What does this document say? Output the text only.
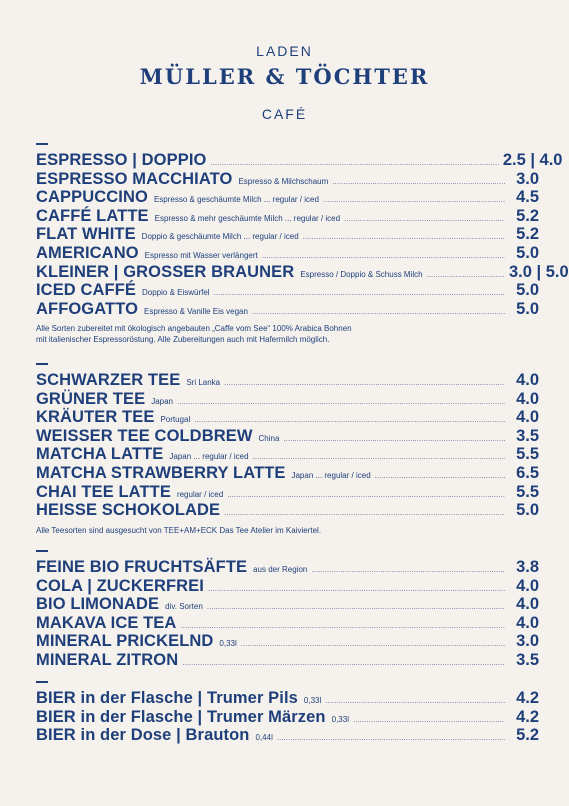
LADEN
MÜLLER & TÖCHTER
CAFÉ
ESPRESSO | DOPPIO .....	2.5 | 4.0
ESPRESSO MACCHIATO Espresso & Milchschaum .....	3.0
CAPPUCCINO Espresso & geschäumte Milch ... regular / iced .....	4.5
CAFFÉ LATTE Espresso & mehr geschäumte Milch ... regular / iced .....	5.2
FLAT WHITE Doppio & geschäumte Milch ... regular / iced .....	5.2
AMERICANO Espresso mit Wasser verlängert .....	5.0
KLEINER | GROSSER BRAUNER Espresso / Doppio & Schuss Milch .....	3.0 | 5.0
ICED CAFFÉ Doppio & Eiswürfel .....	5.0
AFFOGATTO Espresso & Vanille Eis vegan .....	5.0
Alle Sorten zubereitet mit ökologisch angebauten „Caffe vom See“ 100% Arabica Bohnen
mit italienischer Espressoröstung. Alle Zubereitungen auch mit Hafermilch möglich.
SCHWARZER TEE Sri Lanka .....	4.0
GRÜNER TEE Japan .....	4.0
KRÄUTER TEE Portugal .....	4.0
WEISSER TEE COLDBREW China .....	3.5
MATCHA LATTE Japan ... regular / iced .....	5.5
MATCHA STRAWBERRY LATTE Japan ... regular / iced .....	6.5
CHAI TEE LATTE regular / iced .....	5.5
HEISSE SCHOKOLADE .....	5.0
Alle Teesorten sind ausgesucht von TEE+AM+ECK Das Tee Atelier im Kaiviertel.
FEINE BIO FRUCHTSÄFTE aus der Region .....	3.8
COLA | ZUCKERFREI .....	4.0
BIO LIMONADE div. Sorten .....	4.0
MAKAVA ICE TEA .....	4.0
MINERAL PRICKELND 0,33l .....	3.0
MINERAL ZITRON .....	3.5
BIER in der Flasche | Trumer Pils 0,33l .....	4.2
BIER in der Flasche | Trumer Märzen 0,33l .....	4.2
BIER in der Dose | Brauton 0,44l .....	5.2
